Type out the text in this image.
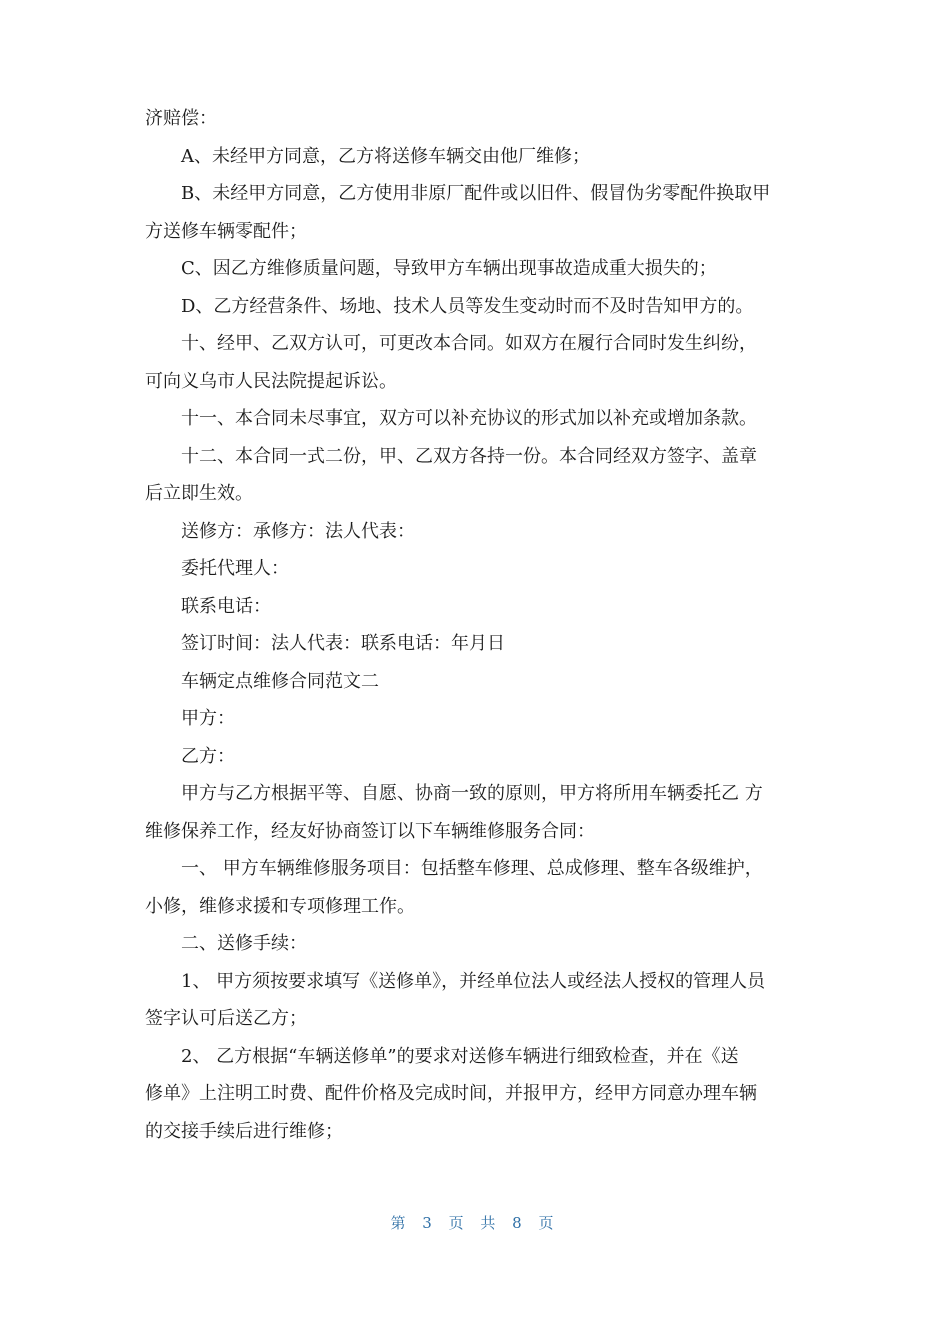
济赔偿：

A、未经甲方同意，乙方将送修车辆交由他厂维修；

B、未经甲方同意，乙方使用非原厂配件或以旧件、假冒伪劣零配件换取甲

方送修车辆零配件；

C、因乙方维修质量问题，导致甲方车辆出现事故造成重大损失的；

D、乙方经营条件、场地、技术人员等发生变动时而不及时告知甲方的。

十、经甲、乙双方认可，可更改本合同。如双方在履行合同时发生纠纷，

可向义乌市人民法院提起诉讼。

十一、本合同未尽事宜，双方可以补充协议的形式加以补充或增加条款。

十二、本合同一式二份，甲、乙双方各持一份。本合同经双方签字、盖章

后立即生效。

送修方：承修方：法人代表：

委托代理人：

联系电话：

签订时间：法人代表：联系电话：年月日

车辆定点维修合同范文二

甲方：

乙方：

甲方与乙方根据平等、自愿、协商一致的原则，甲方将所用车辆委托乙 方

维修保养工作，经友好协商签订以下车辆维修服务合同：

一、 甲方车辆维修服务项目：包括整车修理、总成修理、整车各级维护，

小修，维修求援和专项修理工作。

二、送修手续：

1、 甲方须按要求填写《送修单》，并经单位法人或经法人授权的管理人员

签字认可后送乙方；

2、 乙方根据“车辆送修单”的要求对送修车辆进行细致检查，并在《送

修单》上注明工时费、配件价格及完成时间，并报甲方，经甲方同意办理车辆

的交接手续后进行维修；

第 3 页 共 8 页
